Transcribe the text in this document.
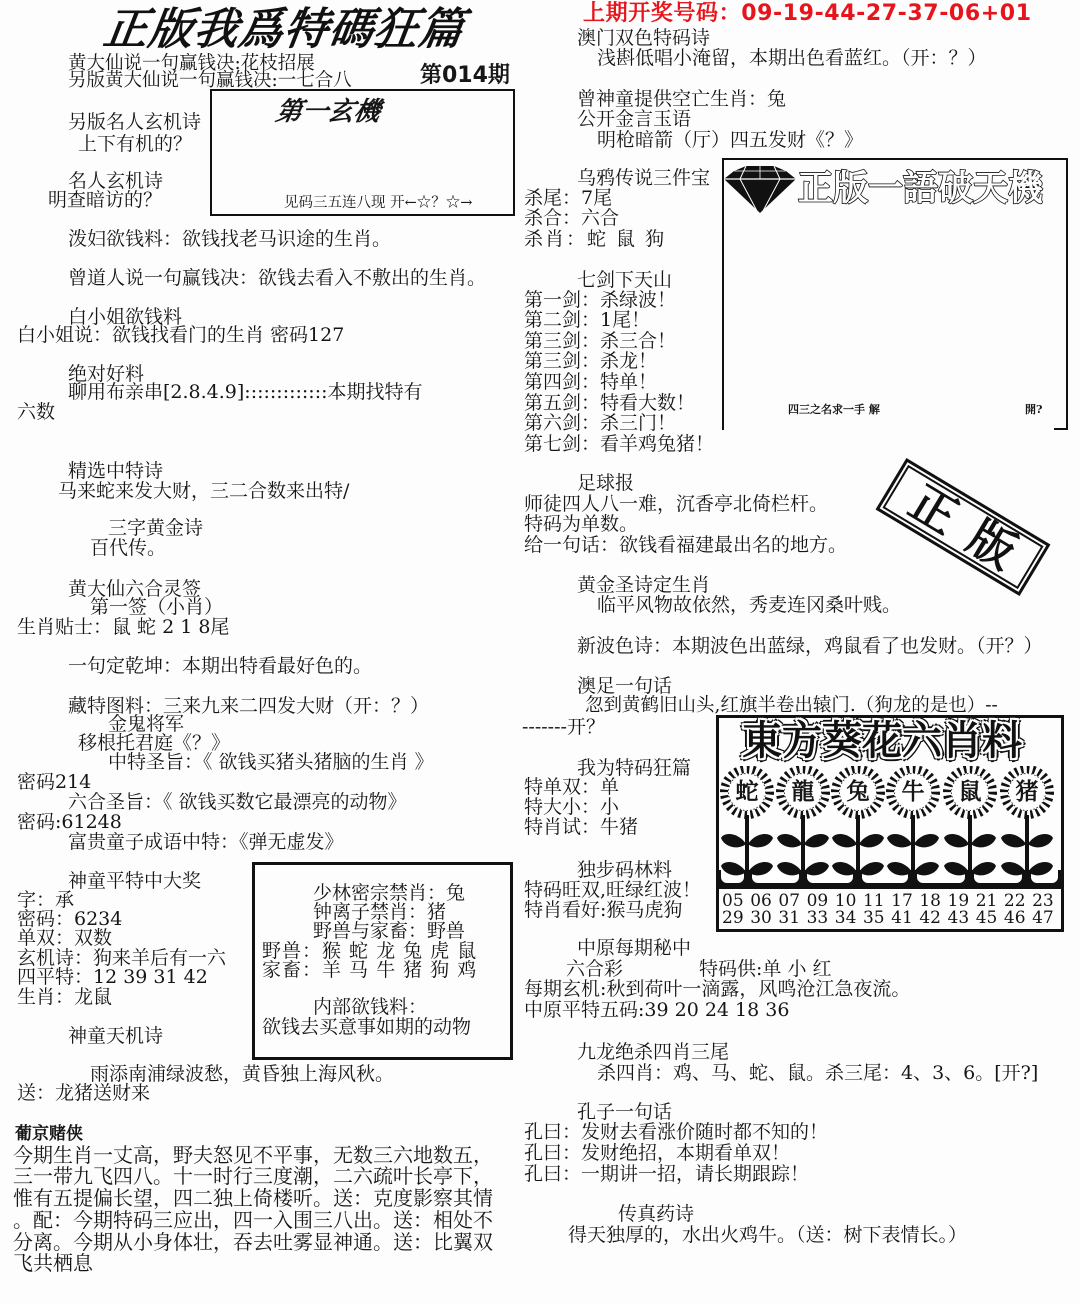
正版我爲特碼狂篇
第014期
黄大仙说一句赢钱决:花枝招展
另版黄大仙说一句赢钱决:一七合八
第一玄機
见码三五连八现 开←☆？☆→
另版名人玄机诗
上下有机的？
名人玄机诗
明查暗访的？
泼妇欲钱料：欲钱找老马识途的生肖。
曾道人说一句赢钱决：欲钱去看入不敷出的生肖。
白小姐欲钱料
白小姐说：欲钱找看门的生肖 密码127
绝对好料
聊用布亲串[2.8.4.9]:::::::::::::本期找特有
六数
精选中特诗
马来蛇来发大财，三二合数来出特/
三字黄金诗
百代传。
黄大仙六合灵签
第一签（小肖）
生肖贴士：鼠 蛇 2 1 8尾
一句定乾坤：本期出特看最好色的。
藏特图料：三来九来二四发大财（开：？）
金鬼将军
移根托君庭《？》
中特圣旨：《 欲钱买猪头猪脑的生肖 》
密码214
六合圣旨：《 欲钱买数它最漂亮的动物》
密码:61248
富贵童子成语中特：《弹无虚发》
神童平特中大奖
字：承
密码：6234
单双：双数
玄机诗：狗来羊后有一六
四平特：12 39 31 42
生肖：龙鼠
少林密宗禁肖：兔
钟离子禁肖：猪
野兽与家畜：野兽
野兽：猴 蛇 龙 兔 虎 鼠
家畜：羊 马 牛 猪 狗 鸡
内部欲钱料：
欲钱去买意事如期的动物
神童天机诗
雨添南浦绿波愁，黄昏独上海风秋。
送：龙猪送财来
葡京赌侠
今期生肖一丈高，野夫怒见不平事，无数三六地数五，
三一带九飞四八。十一时行三度潮，二六疏叶长亭下，
惟有五提偏长望，四二独上倚楼听。送：克度影察其情
。配：今期特码三应出，四一入围三八出。送：相处不
分离。今期从小身体壮，吞去吐雾显神通。送：比翼双
飞共栖息
上期开奖号码：09-19-44-27-37-06+01
澳门双色特码诗
浅斟低唱小淹留，本期出色看蓝红。（开：？）
曾神童提供空亡生肖：兔
公开金言玉语
明枪暗箭（厅）四五发财《？》
乌鸦传说三件宝
杀尾：7尾
杀合：六合
杀肖：蛇 鼠 狗
七剑下天山
第一剑：杀绿波！
第二剑：1尾！
第三剑：杀三合！
第三剑：杀龙！
第四剑：特单！
第五剑：特看大数！
第六剑：杀三门！
第七剑：看羊鸡兔猪！
正版一語破天機
四三之名求一手 解	開?
正版
足球报
师徒四人八一难，沉香亭北倚栏杆。
特码为单数。
给一句话：欲钱看福建最出名的地方。
黄金圣诗定生肖
临平风物故依然，秀麦连冈桑叶贱。
新波色诗：本期波色出蓝绿，鸡鼠看了也发财。（开？）
澳足一句话
忽到黄鹤旧山头,红旗半卷出辕门.（狗龙的是也）--
-------开？
我为特码狂篇
特单双：单
特大小：小
特肖试：牛猪
独步码林料
特码旺双,旺绿红波！
特肖看好:猴马虎狗
東方葵花六肖料
蛇	龍	兔	牛	鼠	猪
05 06 07 09 10 11 17 18 19 21 22 23
29 30 31 33 34 35 41 42 43 45 46 47
中原每期秘中
六合彩	特码供:单 小 红
每期玄机:秋到荷叶一滴露，风鸣沧江急夜流。
中原平特五码:39 20 24 18 36
九龙绝杀四肖三尾
杀四肖：鸡、马、蛇、鼠。杀三尾：4、3、6。[开?]
孔子一句话
孔曰：发财去看涨价随时都不知的！
孔曰：发财绝招，本期看单双！
孔曰：一期讲一招，请长期跟踪！
传真药诗
得天独厚的，水出火鸡牛。（送：树下表情长。）
